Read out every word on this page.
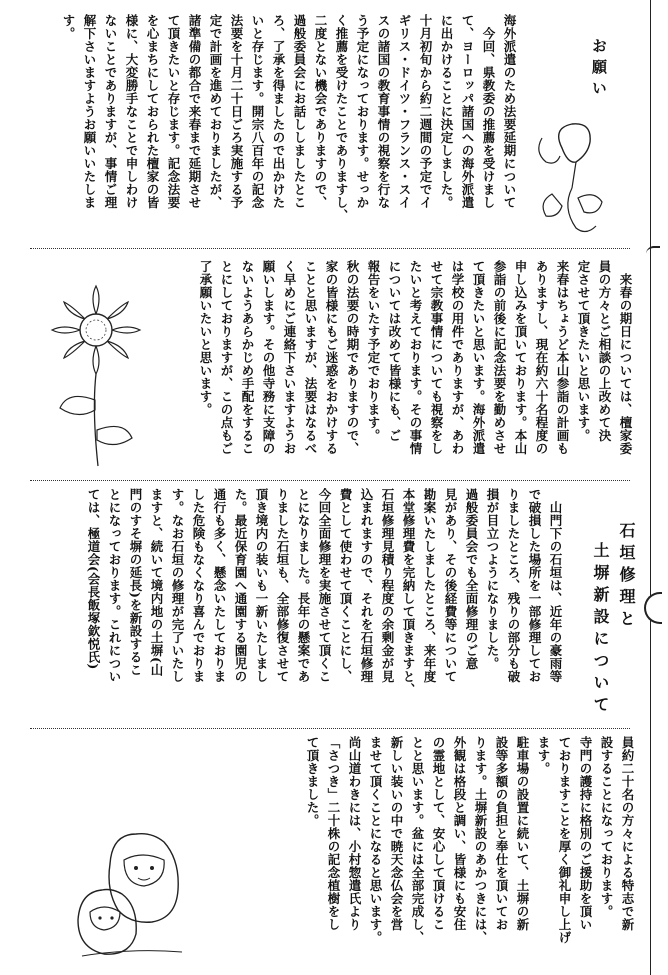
お願い
海外派遣のため法要延期について
　今回、県教委の推薦を受けまし
て、ヨーロッパ諸国への海外派遣
に出かけることに決定しました。
十月初旬から約二週間の予定でイ
ギリス・ドイツ・フランス・スイ
スの諸国の教育事情の視察を行な
う予定になっております。せっか
く推薦を受けたことでありますし、
二度とない機会でありますので、
過般委員会にお話ししましたとこ
ろ、了承を得ましたので出かけた
いと存じます。開宗八百年の記念
法要を十月二十日ごろ実施する予
定で計画を進めておりましたが、
諸準備の都合で来春まで延期させ
て頂きたいと存じます。記念法要
を心まちにしておられた檀家の皆
様に、大変勝手なことで申しわけ
ないことでありますが、事情ご理
解下さいますようお願いいたしま
す。
　来春の期日については、檀家委
員の方々とご相談の上改めて決
定させて頂きたいと思います。
来春はちょうど本山参詣の計画も
ありますし、現在約六十名程度の
申し込みを頂いております。本山
参詣の前後に記念法要を勤めさせ
て頂きたいと思います。海外派遣
は学校の用件でありますが、あわ
せて宗教事情についても視察をし
たいと考えております。その事情
については改めて皆様にも、ご
報告をいたす予定でおります。
秋の法要の時期でありますので、
家の皆様にもご迷惑をおかけする
ことと思いますが、法要はなるべ
く早めにご連絡下さいますようお
願いします。その他寺務に支障の
ないようあらかじめ手配をするこ
とにしておりますが、この点もご
了承願いたいと思います。
石垣修理と
土塀新設について
　山門下の石垣は、近年の豪雨等
で破損した場所を一部修理してお
りましたところ、残りの部分も破
損が目立つようになりました。
過般委員会でも全面修理のご意
見があり、その後経費等について
勘案いたしましたところ、来年度
本堂修理費を完納して頂きますと、
石垣修理見積り程度の余剰金が見
込まれますので、それを石垣修理
費として使わせて頂くことにし、
今回全面修理を実施させて頂くこ
とになりました。長年の懸案であ
りました石垣も、全部修復させて
頂き境内の装いも一新いたしまし
た。最近保育園へ通園する園児の
通行も多く、懸念いたしておりま
した危険もなくなり喜んでおりま
す。なお石垣の修理が完了いたし
ますと、続いて境内地の土塀(山
門のすそ塀の延長)を新設するこ
とになっております。これについ
ては、極道会(会長飯塚欽悦氏)
員約二十名の方々による特志で新
設することになっております。
寺門の護持に格別のご援助を頂い
ておりますことを厚く御礼申し上げ
ます。
駐車場の設置に続いて、土塀の新
設等多額の負担と奉仕を頂いてお
ります。土塀新設のあかつきには、
外観は格段と調い、皆様にも安住
の霊地として、安心して頂けるこ
とと思います。盆には全部完成し、
新しい装いの中で暁天念仏会を営
ませて頂くことになると思います。
尚山道わきには、小村惣遣氏より
「さつき」二十株の記念植樹をし
て頂きました。
